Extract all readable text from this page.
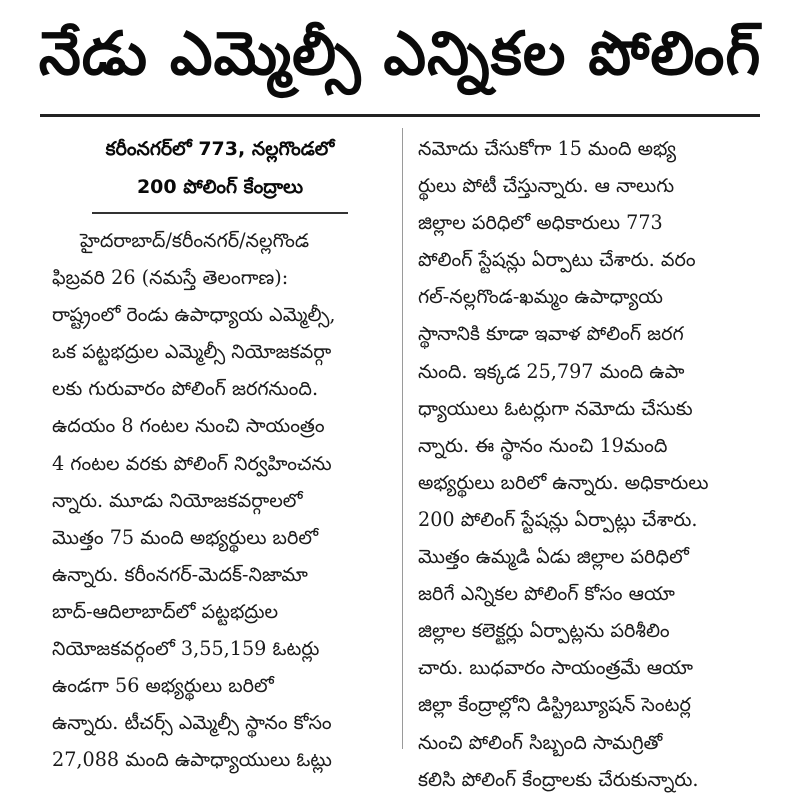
నేడు ఎమ్మెల్సీ ఎన్నికల పోలింగ్
కరీంనగర్‌లో 773, నల్లగొండలో
200 పోలింగ్ కేంద్రాలు
హైదరాబాద్/కరీంనగర్/నల్లగొండ
ఫిబ్రవరి 26 (నమస్తే తెలంగాణ):
రాష్ట్రంలో రెండు ఉపాధ్యాయ ఎమ్మెల్సీ,
ఒక పట్టభద్రుల ఎమ్మెల్సీ నియోజకవర్గా
లకు గురువారం పోలింగ్ జరగనుంది.
ఉదయం 8 గంటల నుంచి సాయంత్రం
4 గంటల వరకు పోలింగ్ నిర్వహించను
న్నారు. మూడు నియోజకవర్గాలలో
మొత్తం 75 మంది అభ్యర్థులు బరిలో
ఉన్నారు. కరీంనగర్-మెదక్-నిజామా
బాద్-ఆదిలాబాద్‌లో పట్టభద్రుల
నియోజకవర్గంలో 3,55,159 ఓటర్లు
ఉండగా 56 అభ్యర్థులు బరిలో
ఉన్నారు. టీచర్స్ ఎమ్మెల్సీ స్థానం కోసం
27,088 మంది ఉపాధ్యాయులు ఓట్లు
నమోదు చేసుకోగా 15 మంది అభ్య
ర్థులు పోటీ చేస్తున్నారు. ఆ నాలుగు
జిల్లాల పరిధిలో అధికారులు 773
పోలింగ్ స్టేషన్లు ఏర్పాటు చేశారు. వరం
గల్-నల్లగొండ-ఖమ్మం ఉపాధ్యాయ
స్థానానికి కూడా ఇవాళ పోలింగ్ జరగ
నుంది. ఇక్కడ 25,797 మంది ఉపా
ధ్యాయులు ఓటర్లుగా నమోదు చేసుకు
న్నారు. ఈ స్థానం నుంచి 19మంది
అభ్యర్థులు బరిలో ఉన్నారు. అధికారులు
200 పోలింగ్ స్టేషన్లు ఏర్పాట్లు చేశారు.
మొత్తం ఉమ్మడి ఏడు జిల్లాల పరిధిలో
జరిగే ఎన్నికల పోలింగ్ కోసం ఆయా
జిల్లాల కలెక్టర్లు ఏర్పాట్లను పరిశీలిం
చారు. బుధవారం సాయంత్రమే ఆయా
జిల్లా కేంద్రాల్లోని డిస్ట్రిబ్యూషన్ సెంటర్ల
నుంచి పోలింగ్ సిబ్బంది సామగ్రితో
కలిసి పోలింగ్ కేంద్రాలకు చేరుకున్నారు.
